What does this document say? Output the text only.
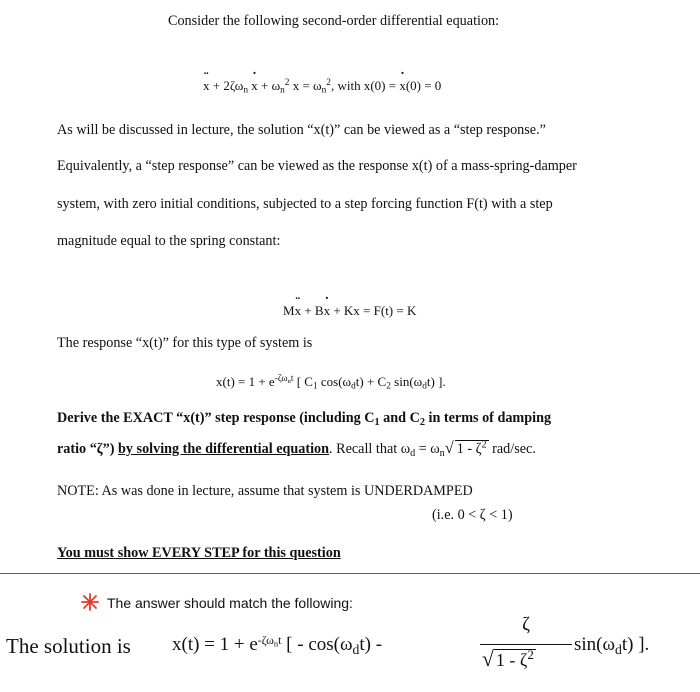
Consider the following second-order differential equation:
¨ $x + 2\zeta\omega_n$ ˙ $x + \omega_n^2$ $x = \omega_n^2$, with x(0) = ˙ x(0) = 0
As will be discussed in lecture, the solution “x(t)” can be viewed as a “step response.”
Equivalently, a “step response” can be viewed as the response x(t) of a mass-spring-damper
system, with zero initial conditions, subjected to a step forcing function F(t) with a step
magnitude equal to the spring constant:
M¨ x + B˙ x + Kx = F(t) = K
The response “x(t)” for this type of system is
$x(t) = 1 + e^{-\zeta\omega_nt}$ [ $C_1$ $\cos(\omega_dt) + C_2$ $\sin(\omega_dt)$ ].
Derive the EXACT “x(t)” step response (including $C_1$ and $C_2$ in terms of damping
ratio “ζ”) by solving the differential equation. Recall that $\omega_d = \omega_n√$ $1 - \zeta^2$ rad/sec.
NOTE: As was done in lecture, assume that system is UNDERDAMPED
(i.e. 0 < ζ < 1)
You must show EVERY STEP for this question
The answer should match the following:
The solution is $x(t) = 1 + e^{-\zeta\omega_nt}$ [ - $\cos(\omega_dt)$ -
ζ
√ $1 - \zeta^2$ $\sin(\omega_dt)$ ].
